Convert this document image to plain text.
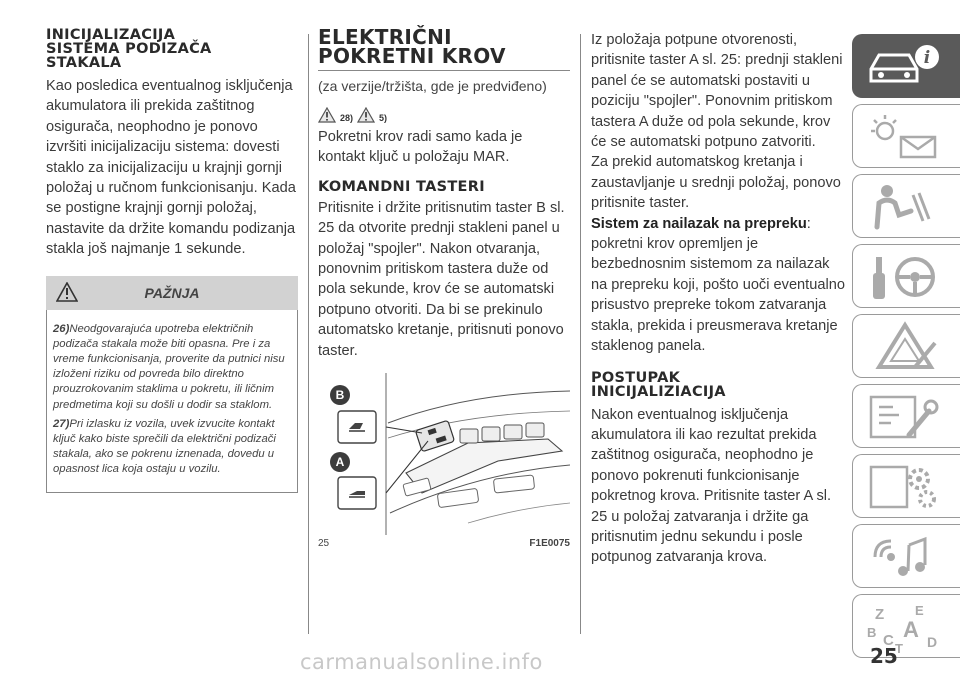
INICIJALIZACIJA
SISTEMA PODIZAČA
STAKALA

Kao posledica eventualnog isključenja akumulatora ili prekida zaštitnog osigurača, neophodno je ponovo izvršiti inicijalizaciju sistema: dovesti staklo za inicijalizaciju u krajnji gornji položaj u ručnom funkcionisanju. Kada se postigne krajnji gornji položaj, nastavite da držite komandu podizanja stakla još najmanje 1 sekunde.

PAŽNJA

26)Neodgovarajuća upotreba električnih podizača stakala može biti opasna. Pre i za vreme funkcionisanja, proverite da putnici nisu izloženi riziku od povreda bilo direktno prouzrokovanim staklima u pokretu, ili ličnim predmetima koji su došli u dodir sa staklom.

27)Pri izlasku iz vozila, uvek izvucite kontakt ključ kako biste sprečili da električni podizači stakala, ako se pokrenu iznenada, dovedu u opasnost lica koja ostaju u vozilu.

ELEKTRIČNI
POKRETNI KROV

(za verzije/tržišta, gde je predviđeno)

28)	5)

Pokretni krov radi samo kada je kontakt ključ u položaju MAR.

KOMANDNI TASTERI

Pritisnite i držite pritisnutim taster B sl. 25 da otvorite prednji stakleni panel u položaj "spojler". Nakon otvaranja, ponovnim pritiskom tastera duže od pola sekunde, krov će se automatski potpuno otvoriti. Da bi se prekinulo automatsko kretanje, pritisnuti ponovo taster.

B
A
25	F1E0075

Iz položaja potpune otvorenosti, pritisnite taster A sl. 25: prednji stakleni panel će se automatski postaviti u poziciju "spojler". Ponovnim pritiskom tastera A duže od pola sekunde, krov će se automatski potpuno zatvoriti.

Za prekid automatskog kretanja i zaustavljanje u srednji položaj, ponovo pritisnite taster.

Sistem za nailazak na prepreku:

pokretni krov opremljen je bezbednosnim sistemom za nailazak na prepreku koji, pošto uoči eventualno prisustvo prepreke tokom zatvaranja stakla, prekida i preusmerava kretanje staklenog panela.

POSTUPAK
INICIJALIZIACIJA

Nakon eventualnog isključenja akumulatora ili kao rezultat prekida zaštitnog osigurača, neophodno je ponovo pokrenuti funkcionisanje pokretnog krova. Pritisnite taster A sl. 25 u položaj zatvaranja i držite ga pritisnutim jednu sekundu i posle potpunog zatvaranja krova.

i
Z E
B A
C T D
25
carmanualsonline.info
